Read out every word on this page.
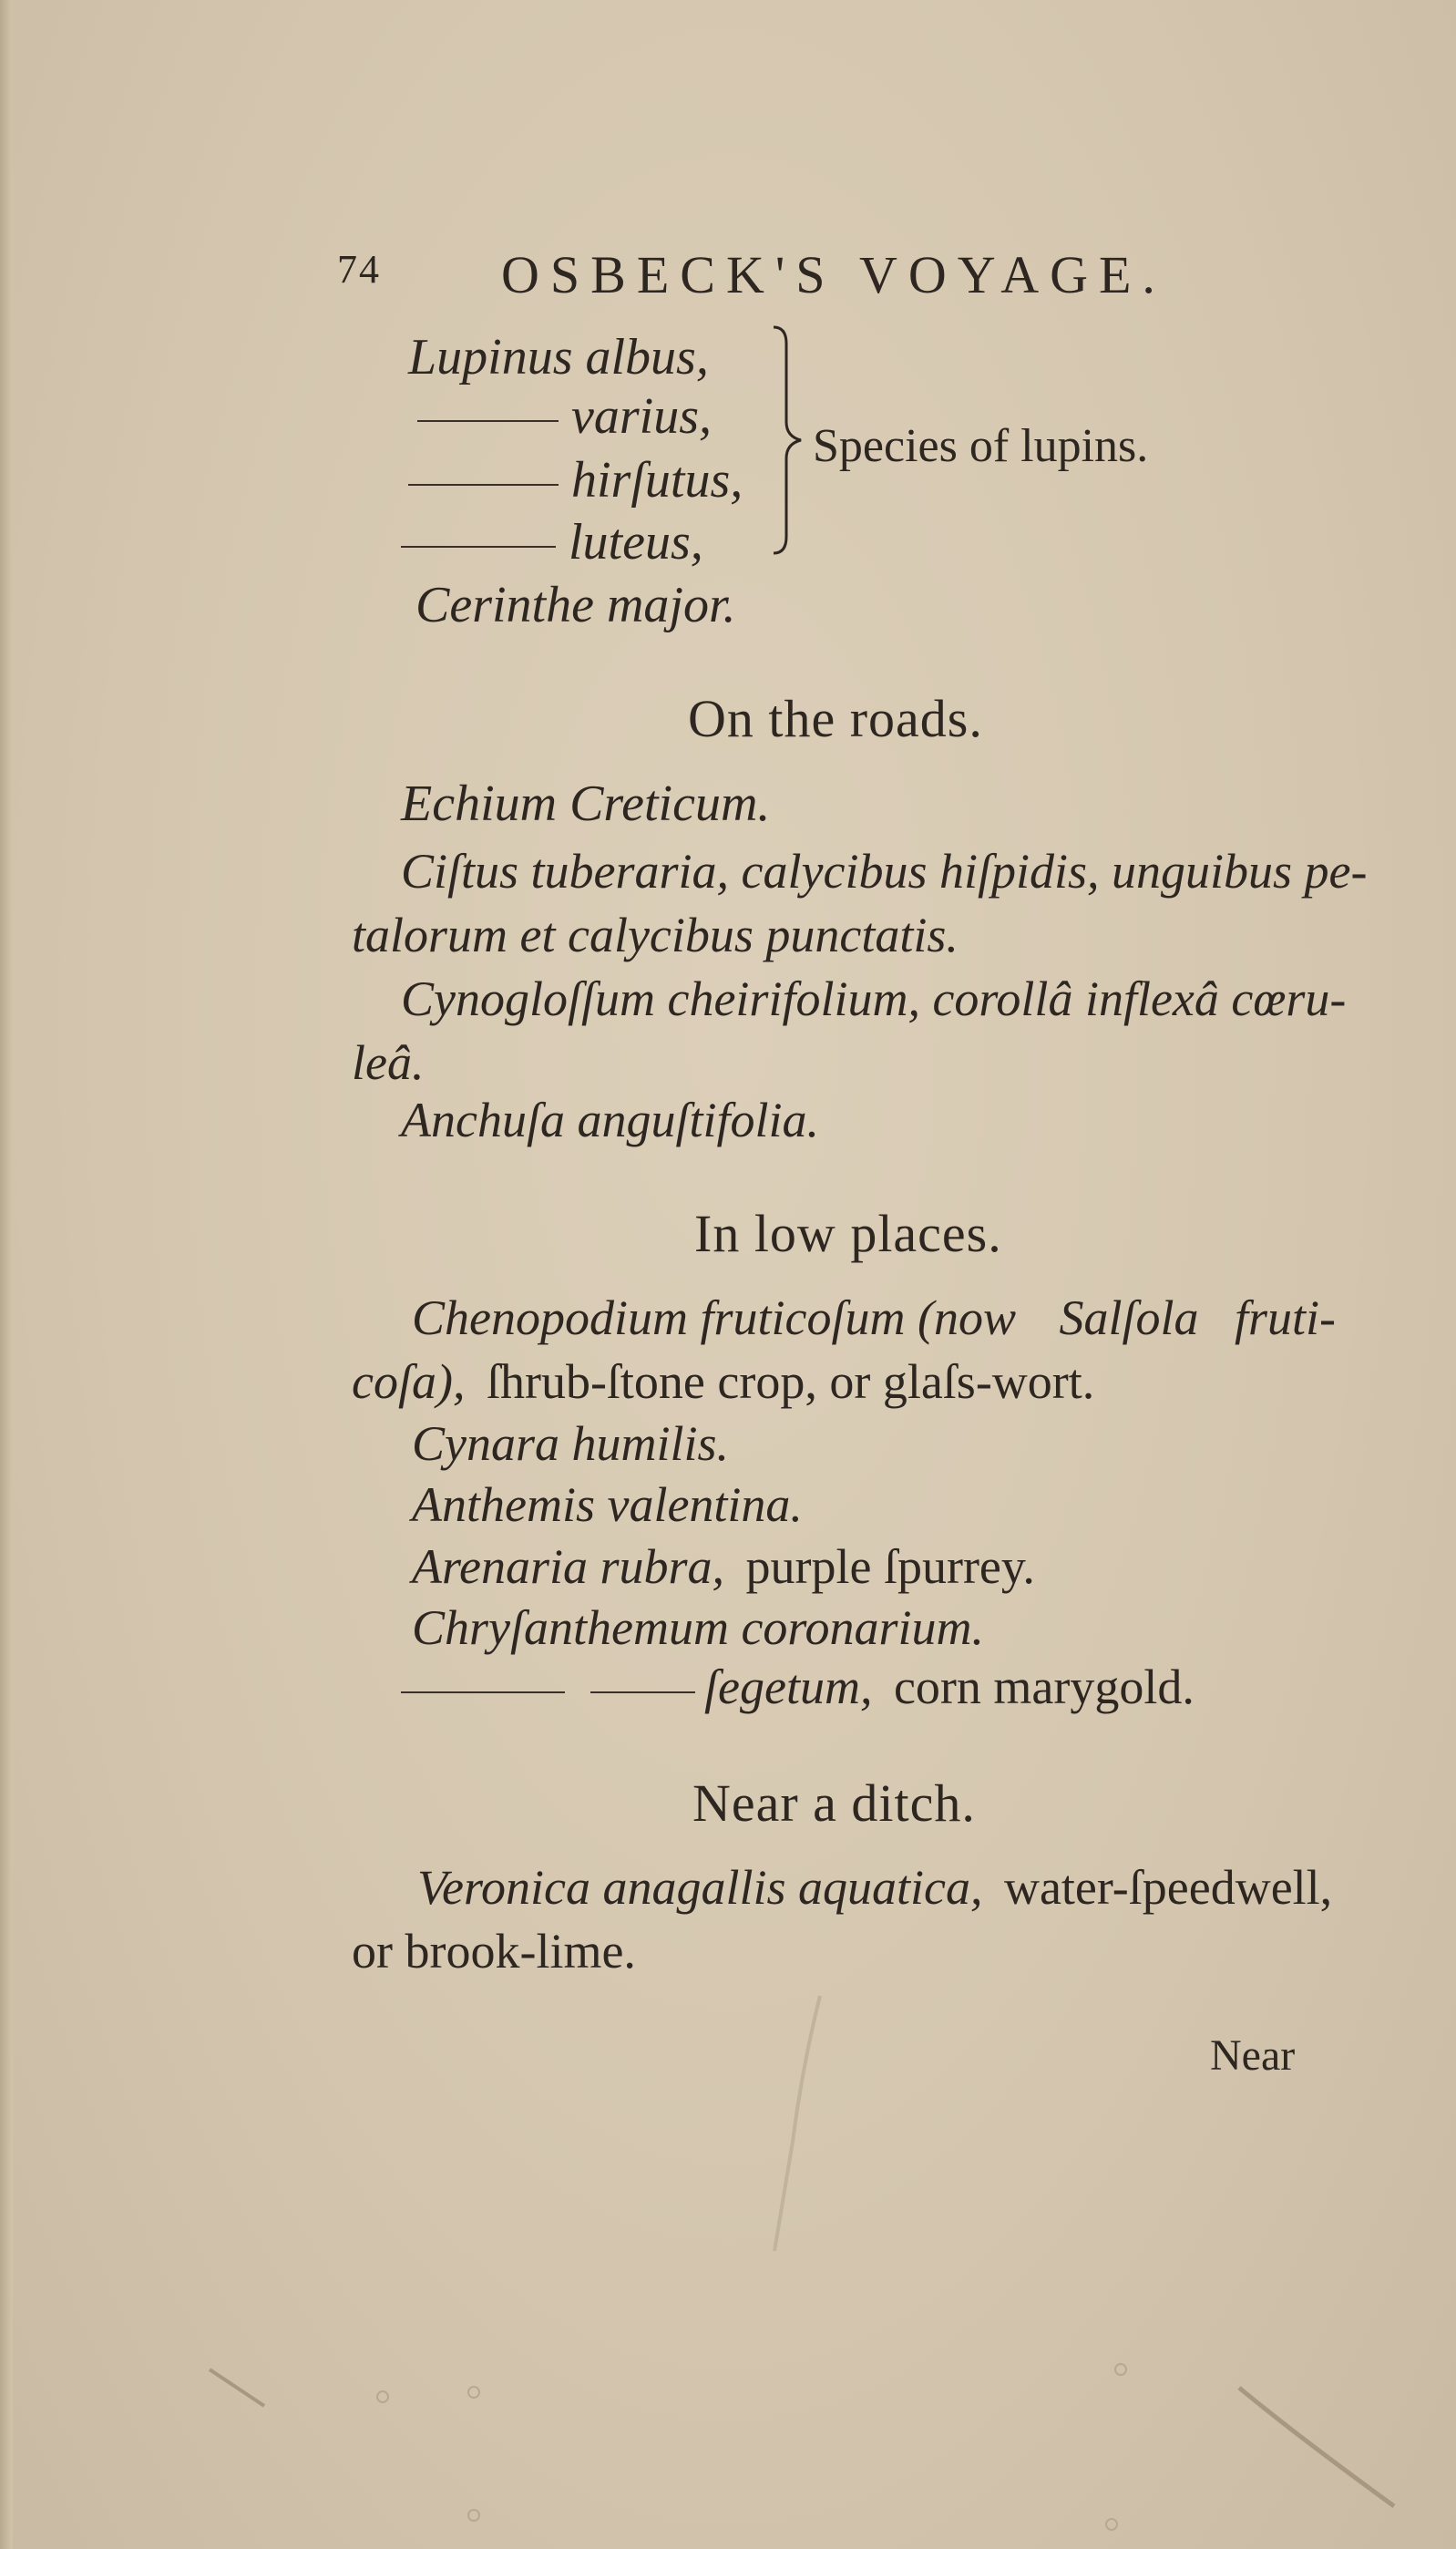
74 OSBECK'S VOYAGE.
Lupinus albus,
varius,
hirſutus,
luteus,
Species of lupins.
Cerinthe major.
On the roads.
Echium Creticum.
Ciſtus tuberaria, calycibus hiſpidis, unguibus pe-
talorum et calycibus punctatis.
Cynogloſſum cheirifolium, corollâ inflexâ cœru-
leâ.
Anchuſa anguſtifolia.
In low places.
Chenopodium fruticoſum (now Salſola fruti-
coſa), ſhrub-ſtone crop, or glaſs-wort.
Cynara humilis.
Anthemis valentina.
Arenaria rubra, purple ſpurrey.
Chryſanthemum coronarium.
ſegetum, corn marygold.
Near a ditch.
Veronica anagallis aquatica, water-ſpeedwell,
or brook-lime.
Near
